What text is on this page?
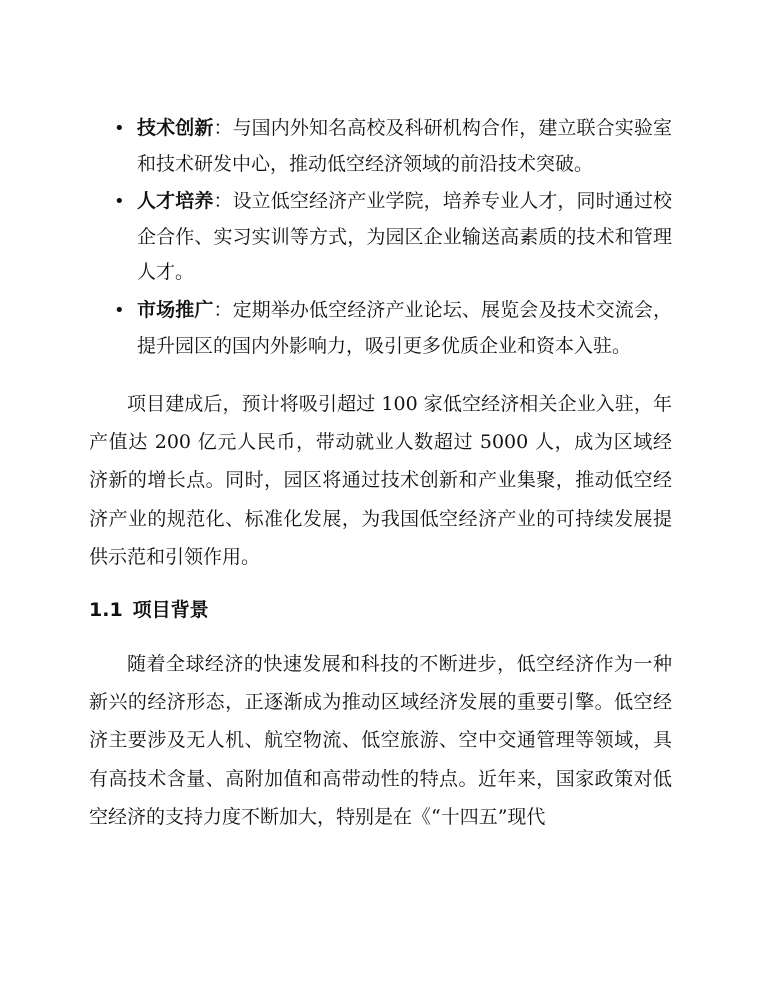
• 技术创新：与国内外知名高校及科研机构合作，建立联合实验室和技术研发中心，推动低空经济领域的前沿技术突破。
• 人才培养：设立低空经济产业学院，培养专业人才，同时通过校企合作、实习实训等方式，为园区企业输送高素质的技术和管理人才。
• 市场推广：定期举办低空经济产业论坛、展览会及技术交流会，提升园区的国内外影响力，吸引更多优质企业和资本入驻。

项目建成后，预计将吸引超过 100 家低空经济相关企业入驻，年产值达 200 亿元人民币，带动就业人数超过 5000 人，成为区域经济新的增长点。同时，园区将通过技术创新和产业集聚，推动低空经济产业的规范化、标准化发展，为我国低空经济产业的可持续发展提供示范和引领作用。

1.1 项目背景

随着全球经济的快速发展和科技的不断进步，低空经济作为一种新兴的经济形态，正逐渐成为推动区域经济发展的重要引擎。低空经济主要涉及无人机、航空物流、低空旅游、空中交通管理等领域，具有高技术含量、高附加值和高带动性的特点。近年来，国家政策对低空经济的支持力度不断加大，特别是在《“十四五”现代
